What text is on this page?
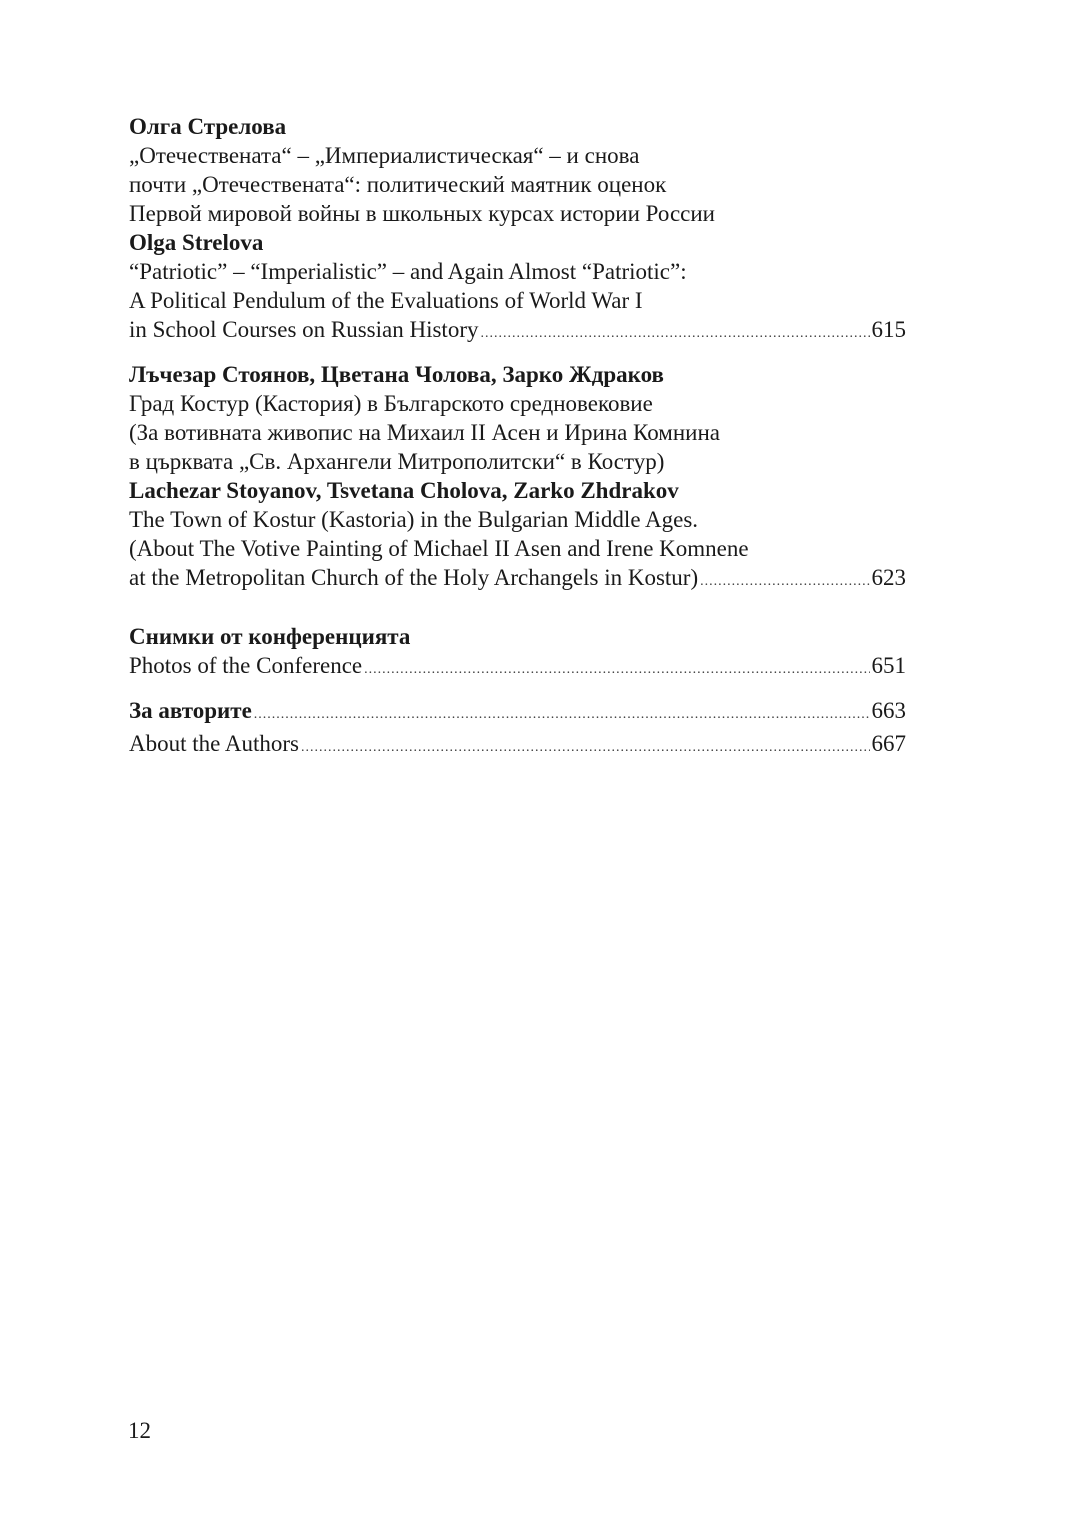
Олга Стрелова
„Отечествената“ – „Империалистическая“ – и снова
почти „Отечествената“: политический маятник оценок
Первой мировой войны в школьных курсах истории России
Olga Strelova
“Patriotic” – “Imperialistic” – and Again Almost “Patriotic”:
A Political Pendulum of the Evaluations of World War I
in School Courses on Russian History .....	615
Лъчезар Стоянов, Цветана Чолова, Зарко Ждраков
Град Костур (Кастория) в Българското средновековие
(За вотивната живопис на Михаил II Асен и Ирина Комнина
в църквата „Св. Архангели Митрополитски“ в Костур)
Lachezar Stoyanov, Tsvetana Cholova, Zarko Zhdrakov
The Town of Kostur (Kastoria) in the Bulgarian Middle Ages.
(About The Votive Painting of Michael II Asen and Irene Komnene
at the Metropolitan Church of the Holy Archangels in Kostur) .....	623
Снимки от конференцията
Photos of the Conference .....	651
За авторите .....	663
About the Authors .....	667
12
